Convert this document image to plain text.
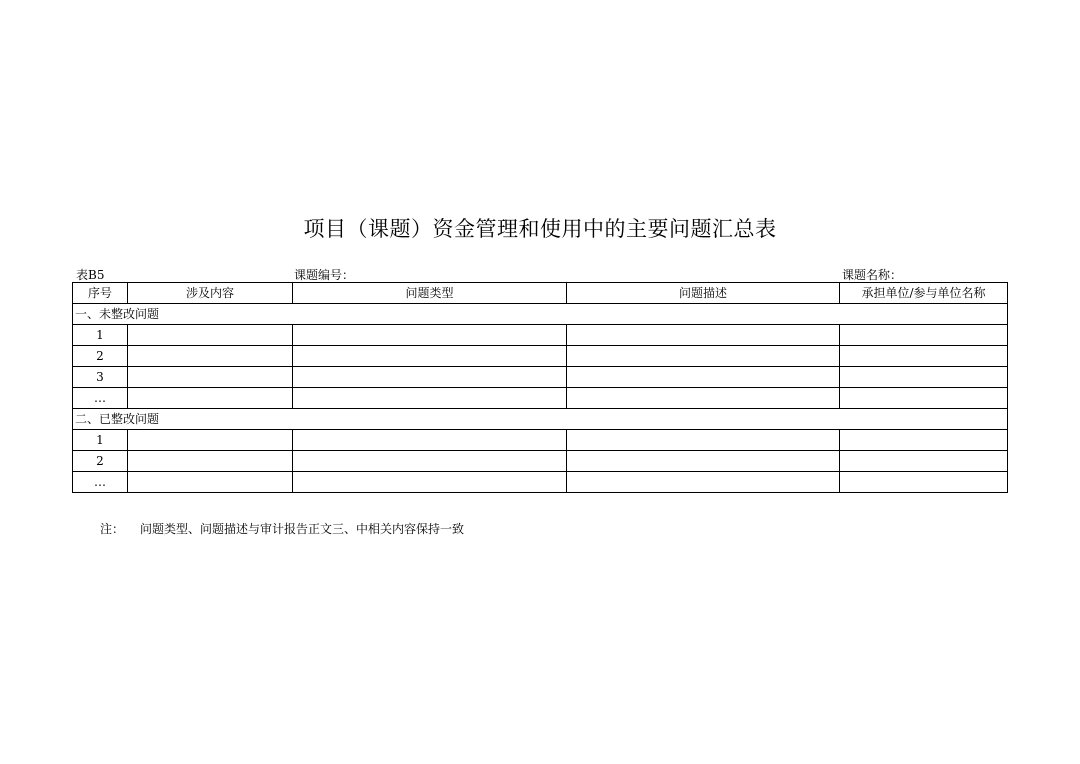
项目（课题）资金管理和使用中的主要问题汇总表
表B5	课题编号：	课题名称：
序号	涉及内容	问题类型	问题描述	承担单位/参与单位名称
一、未整改问题				
1				
2				
3				
…				
二、已整改问题				
1				
2				
…				
注： 问题类型、问题描述与审计报告正文三、中相关内容保持一致
